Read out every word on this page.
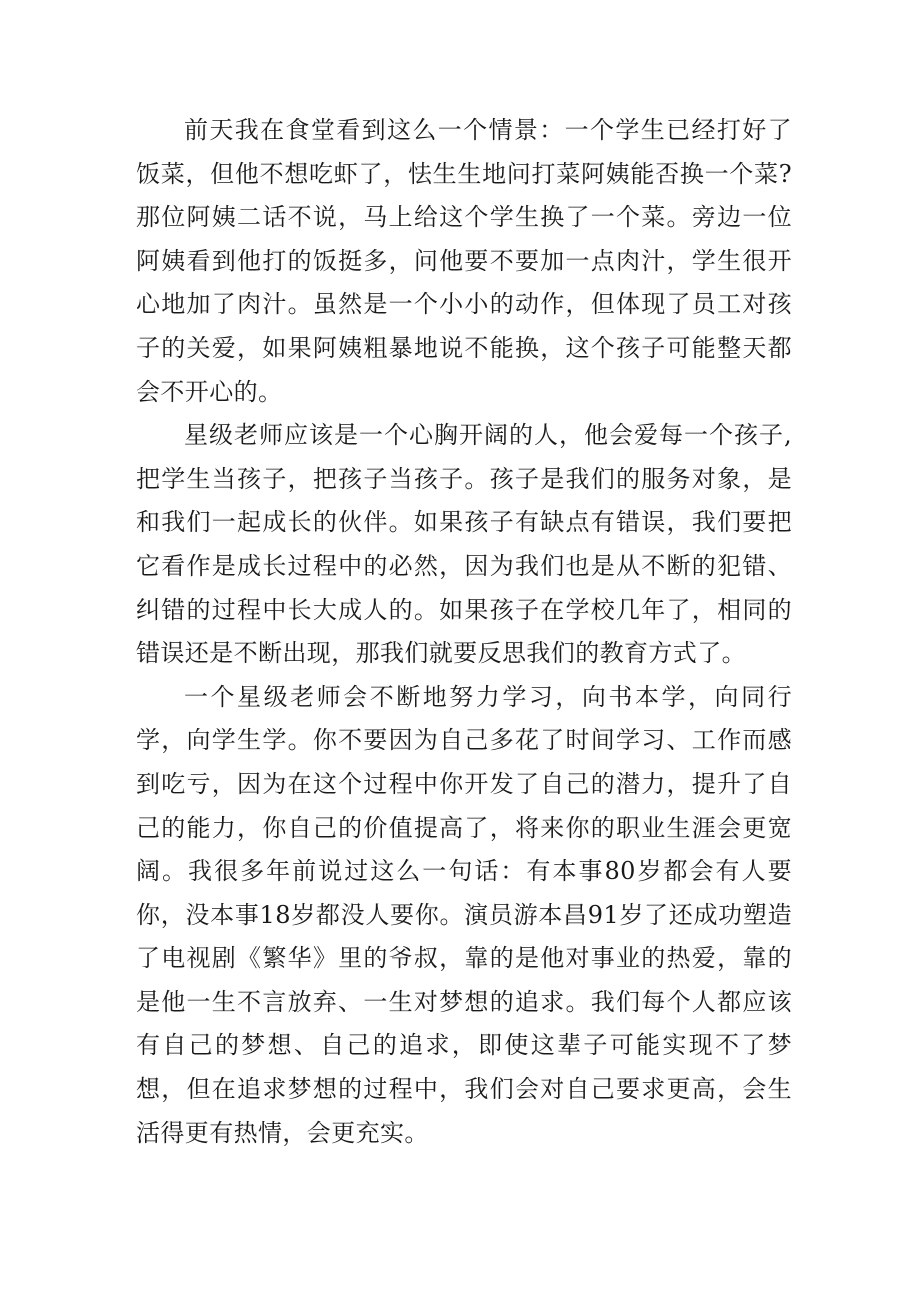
前天我在食堂看到这么一个情景：一个学生已经打好了饭菜，但他不想吃虾了，怯生生地问打菜阿姨能否换一个菜?那位阿姨二话不说，马上给这个学生换了一个菜。旁边一位阿姨看到他打的饭挺多，问他要不要加一点肉汁，学生很开心地加了肉汁。虽然是一个小小的动作，但体现了员工对孩子的关爱，如果阿姨粗暴地说不能换，这个孩子可能整天都会不开心的。

星级老师应该是一个心胸开阔的人，他会爱每一个孩子,把学生当孩子，把孩子当孩子。孩子是我们的服务对象，是和我们一起成长的伙伴。如果孩子有缺点有错误，我们要把它看作是成长过程中的必然，因为我们也是从不断的犯错、纠错的过程中长大成人的。如果孩子在学校几年了，相同的错误还是不断出现，那我们就要反思我们的教育方式了。

一个星级老师会不断地努力学习，向书本学，向同行学，向学生学。你不要因为自己多花了时间学习、工作而感到吃亏，因为在这个过程中你开发了自己的潜力，提升了自己的能力，你自己的价值提高了，将来你的职业生涯会更宽阔。我很多年前说过这么一句话：有本事80岁都会有人要你，没本事18岁都没人要你。演员游本昌91岁了还成功塑造了电视剧《繁华》里的爷叔，靠的是他对事业的热爱，靠的是他一生不言放弃、一生对梦想的追求。我们每个人都应该有自己的梦想、自己的追求，即使这辈子可能实现不了梦想，但在追求梦想的过程中，我们会对自己要求更高，会生活得更有热情，会更充实。
